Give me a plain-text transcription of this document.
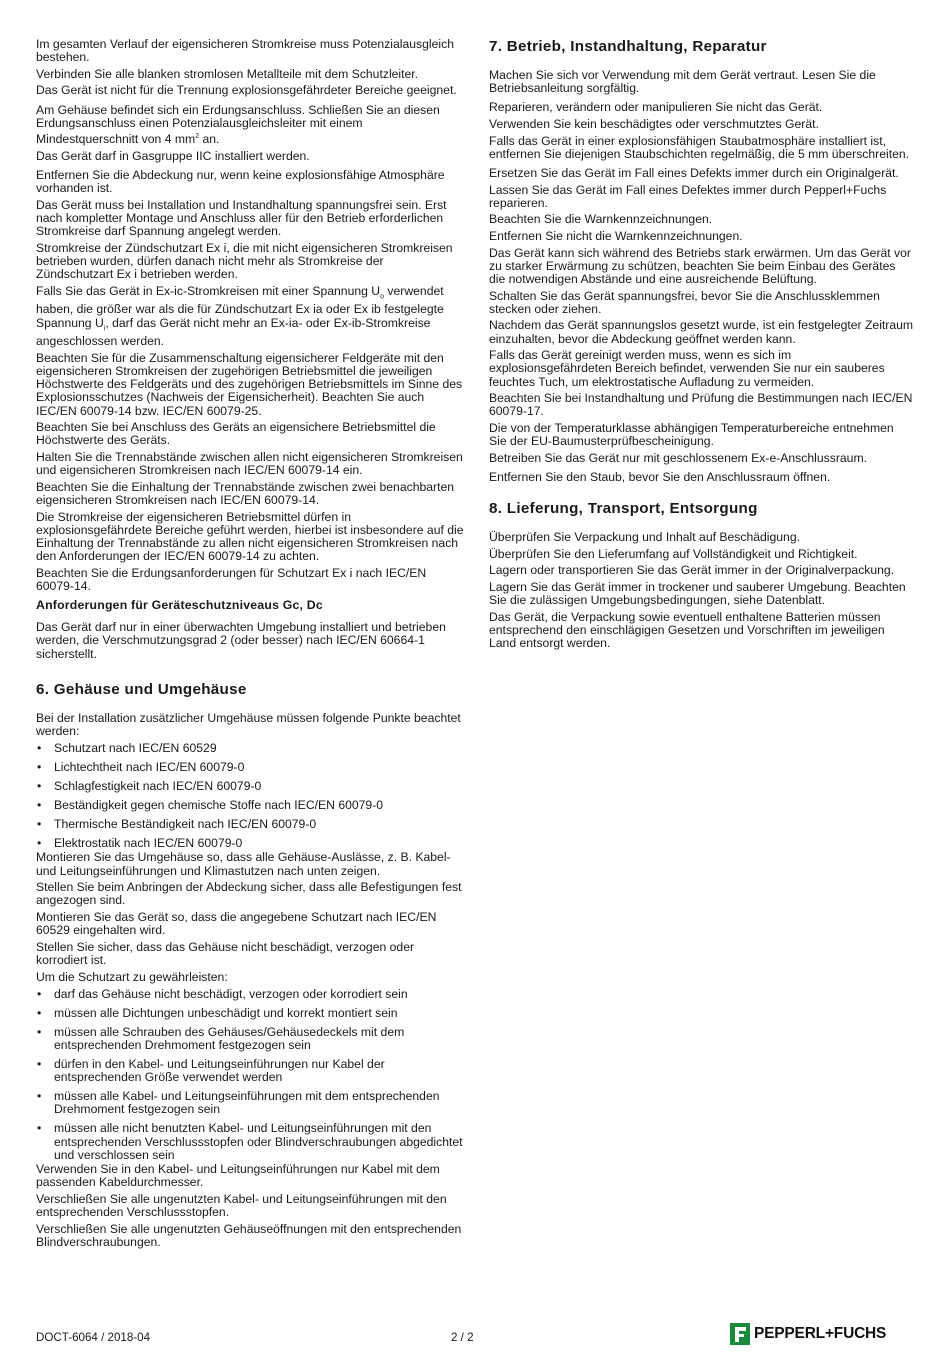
Im gesamten Verlauf der eigensicheren Stromkreise muss Potenzialausgleich bestehen.

Verbinden Sie alle blanken stromlosen Metallteile mit dem Schutzleiter.

Das Gerät ist nicht für die Trennung explosionsgefährdeter Bereiche geeignet.

Am Gehäuse befindet sich ein Erdungsanschluss. Schließen Sie an diesen Erdungsanschluss einen Potenzialausgleichsleiter mit einem Mindestquerschnitt von 4 $mm^2$ an.

Das Gerät darf in Gasgruppe IIC installiert werden.

Entfernen Sie die Abdeckung nur, wenn keine explosionsfähige Atmosphäre vorhanden ist.

Das Gerät muss bei Installation und Instandhaltung spannungsfrei sein. Erst nach kompletter Montage und Anschluss aller für den Betrieb erforderlichen Stromkreise darf Spannung angelegt werden.

Stromkreise der Zündschutzart Ex i, die mit nicht eigensicheren Stromkreisen betrieben wurden, dürfen danach nicht mehr als Stromkreise der Zündschutzart Ex i betrieben werden.

Falls Sie das Gerät in Ex-ic-Stromkreisen mit einer Spannung $U_o$ verwendet haben, die größer war als die für Zündschutzart Ex ia oder Ex ib festgelegte Spannung $U_i$, darf das Gerät nicht mehr an Ex-ia- oder Ex-ib-Stromkreise angeschlossen werden.

Beachten Sie für die Zusammenschaltung eigensicherer Feldgeräte mit den eigensicheren Stromkreisen der zugehörigen Betriebsmittel die jeweiligen Höchstwerte des Feldgeräts und des zugehörigen Betriebsmittels im Sinne des Explosionsschutzes (Nachweis der Eigensicherheit). Beachten Sie auch IEC/EN 60079-14 bzw. IEC/EN 60079-25.

Beachten Sie bei Anschluss des Geräts an eigensichere Betriebsmittel die Höchstwerte des Geräts.

Halten Sie die Trennabstände zwischen allen nicht eigensicheren Stromkreisen und eigensicheren Stromkreisen nach IEC/EN 60079-14 ein.

Beachten Sie die Einhaltung der Trennabstände zwischen zwei benachbarten eigensicheren Stromkreisen nach IEC/EN 60079-14.

Die Stromkreise der eigensicheren Betriebsmittel dürfen in explosionsgefährdete Bereiche geführt werden, hierbei ist insbesondere auf die Einhaltung der Trennabstände zu allen nicht eigensicheren Stromkreisen nach den Anforderungen der IEC/EN 60079-14 zu achten.

Beachten Sie die Erdungsanforderungen für Schutzart Ex i nach IEC/EN 60079-14.

Anforderungen für Geräteschutzniveaus Gc, Dc

Das Gerät darf nur in einer überwachten Umgebung installiert und betrieben werden, die Verschmutzungsgrad 2 (oder besser) nach IEC/EN 60664-1 sicherstellt.

6. Gehäuse und Umgehäuse

Bei der Installation zusätzlicher Umgehäuse müssen folgende Punkte beachtet werden:

• Schutzart nach IEC/EN 60529
• Lichtechtheit nach IEC/EN 60079-0
• Schlagfestigkeit nach IEC/EN 60079-0
• Beständigkeit gegen chemische Stoffe nach IEC/EN 60079-0
• Thermische Beständigkeit nach IEC/EN 60079-0
• Elektrostatik nach IEC/EN 60079-0

Montieren Sie das Umgehäuse so, dass alle Gehäuse-Auslässe, z. B. Kabel- und Leitungseinführungen und Klimastutzen nach unten zeigen.

Stellen Sie beim Anbringen der Abdeckung sicher, dass alle Befestigungen fest angezogen sind.

Montieren Sie das Gerät so, dass die angegebene Schutzart nach IEC/EN 60529 eingehalten wird.

Stellen Sie sicher, dass das Gehäuse nicht beschädigt, verzogen oder korrodiert ist.

Um die Schutzart zu gewährleisten:

• darf das Gehäuse nicht beschädigt, verzogen oder korrodiert sein
• müssen alle Dichtungen unbeschädigt und korrekt montiert sein
• müssen alle Schrauben des Gehäuses/Gehäusedeckels mit dem entsprechenden Drehmoment festgezogen sein
• dürfen in den Kabel- und Leitungseinführungen nur Kabel der entsprechenden Größe verwendet werden
• müssen alle Kabel- und Leitungseinführungen mit dem entsprechenden Drehmoment festgezogen sein
• müssen alle nicht benutzten Kabel- und Leitungseinführungen mit den entsprechenden Verschlussstopfen oder Blindverschraubungen abgedichtet und verschlossen sein

Verwenden Sie in den Kabel- und Leitungseinführungen nur Kabel mit dem passenden Kabeldurchmesser.

Verschließen Sie alle ungenutzten Kabel- und Leitungseinführungen mit den entsprechenden Verschlussstopfen.

Verschließen Sie alle ungenutzten Gehäuseöffnungen mit den entsprechenden Blindverschraubungen.

7. Betrieb, Instandhaltung, Reparatur

Machen Sie sich vor Verwendung mit dem Gerät vertraut. Lesen Sie die Betriebsanleitung sorgfältig.

Reparieren, verändern oder manipulieren Sie nicht das Gerät.

Verwenden Sie kein beschädigtes oder verschmutztes Gerät.

Falls das Gerät in einer explosionsfähigen Staubatmosphäre installiert ist, entfernen Sie diejenigen Staubschichten regelmäßig, die 5 mm überschreiten.

Ersetzen Sie das Gerät im Fall eines Defekts immer durch ein Originalgerät.

Lassen Sie das Gerät im Fall eines Defektes immer durch Pepperl+Fuchs reparieren.

Beachten Sie die Warnkennzeichnungen.

Entfernen Sie nicht die Warnkennzeichnungen.

Das Gerät kann sich während des Betriebs stark erwärmen. Um das Gerät vor zu starker Erwärmung zu schützen, beachten Sie beim Einbau des Gerätes die notwendigen Abstände und eine ausreichende Belüftung.

Schalten Sie das Gerät spannungsfrei, bevor Sie die Anschlussklemmen stecken oder ziehen.

Nachdem das Gerät spannungslos gesetzt wurde, ist ein festgelegter Zeitraum einzuhalten, bevor die Abdeckung geöffnet werden kann.

Falls das Gerät gereinigt werden muss, wenn es sich im explosionsgefährdeten Bereich befindet, verwenden Sie nur ein sauberes feuchtes Tuch, um elektrostatische Aufladung zu vermeiden.

Beachten Sie bei Instandhaltung und Prüfung die Bestimmungen nach IEC/EN 60079-17.

Die von der Temperaturklasse abhängigen Temperaturbereiche entnehmen Sie der EU-Baumusterprüfbescheinigung.

Betreiben Sie das Gerät nur mit geschlossenem Ex-e-Anschlussraum.

Entfernen Sie den Staub, bevor Sie den Anschlussraum öffnen.

8. Lieferung, Transport, Entsorgung

Überprüfen Sie Verpackung und Inhalt auf Beschädigung.

Überprüfen Sie den Lieferumfang auf Vollständigkeit und Richtigkeit.

Lagern oder transportieren Sie das Gerät immer in der Originalverpackung.

Lagern Sie das Gerät immer in trockener und sauberer Umgebung. Beachten Sie die zulässigen Umgebungsbedingungen, siehe Datenblatt.

Das Gerät, die Verpackung sowie eventuell enthaltene Batterien müssen entsprechend den einschlägigen Gesetzen und Vorschriften im jeweiligen Land entsorgt werden.

DOCT-6064 / 2018-04	2 / 2	PEPPERL+FUCHS
